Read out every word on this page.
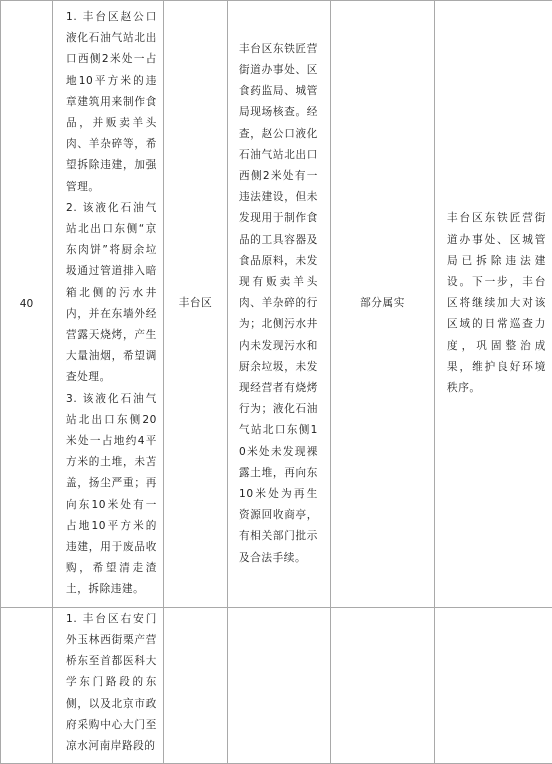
40	1. 丰台区赵公口液化石油气站北出口西侧2米处一占地10平方米的违章建筑用来制作食品，并贩卖羊头肉、羊杂碎等，希望拆除违建，加强管理。

2. 该液化石油气站北出口东侧“京东肉饼”将厨余垃圾通过管道排入暗箱北侧的污水井内，并在东墙外经营露天烧烤，产生大量油烟，希望调查处理。

3. 该液化石油气站北出口东侧20米处一占地约4平方米的土堆，未苫盖，扬尘严重；再向东10米处有一占地10平方米的违建，用于废品收购，希望清走渣土，拆除违建。	丰台区	丰台区东铁匠营街道办事处、区食药监局、城管局现场核查。经查，赵公口液化石油气站北出口西侧2米处有一违法建设，但未发现用于制作食品的工具容器及食品原料，未发现有贩卖羊头肉、羊杂碎的行为；北侧污水井内未发现污水和厨余垃圾，未发现经营者有烧烤行为；液化石油气站北口东侧10米处未发现裸露土堆，再向东10米处为再生资源回收商亭，有相关部门批示及合法手续。	部分属实	丰台区东铁匠营街道办事处、区城管局已拆除违法建设。下一步，丰台区将继续加大对该区域的日常巡查力度，巩固整治成果，维护良好环境秩序。

	1. 丰台区右安门外玉林西街栗产营桥东至首都医科大学东门路段的东侧，以及北京市政府采购中心大门至凉水河南岸路段的				
